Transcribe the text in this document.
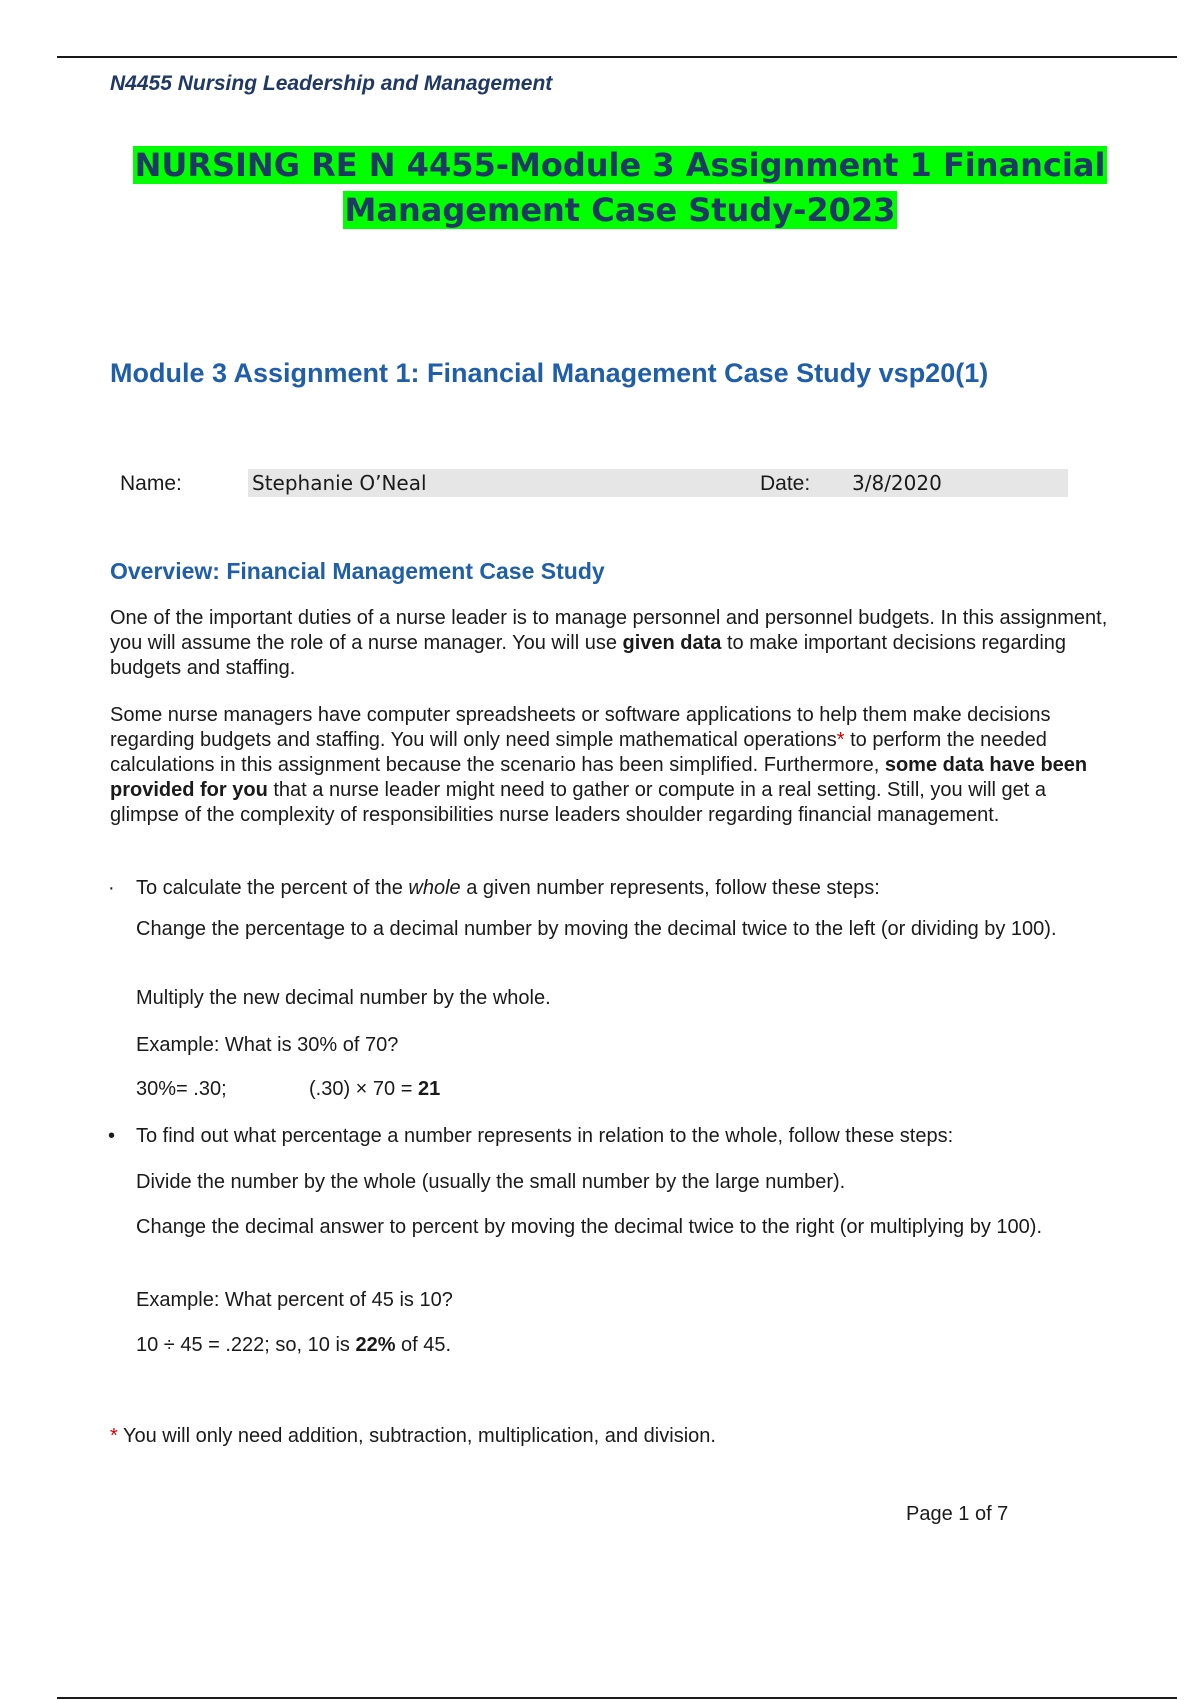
N4455 Nursing Leadership and Management
NURSING RE N 4455-Module 3 Assignment 1 Financial
Management Case Study-2023
Module 3 Assignment 1: Financial Management Case Study vsp20(1)
Name:	Stephanie O’Neal	Date: 3/8/2020
Overview: Financial Management Case Study
One of the important duties of a nurse leader is to manage personnel and personnel budgets. In this assignment, you will assume the role of a nurse manager. You will use given data to make important decisions regarding budgets and staffing.
Some nurse managers have computer spreadsheets or software applications to help them make decisions regarding budgets and staffing. You will only need simple mathematical operations* to perform the needed calculations in this assignment because the scenario has been simplified. Furthermore, some data have been provided for you that a nurse leader might need to gather or compute in a real setting. Still, you will get a glimpse of the complexity of responsibilities nurse leaders shoulder regarding financial management.
· To calculate the percent of the whole a given number represents, follow these steps:
Change the percentage to a decimal number by moving the decimal twice to the left (or dividing by 100).
Multiply the new decimal number by the whole.
Example: What is 30% of 70?
30%= .30;	(.30) × 70 = 21
• To find out what percentage a number represents in relation to the whole, follow these steps:
Divide the number by the whole (usually the small number by the large number).
Change the decimal answer to percent by moving the decimal twice to the right (or multiplying by 100).
Example: What percent of 45 is 10?
10 ÷ 45 = .222; so, 10 is 22% of 45.
* You will only need addition, subtraction, multiplication, and division.
Page 1 of 7
